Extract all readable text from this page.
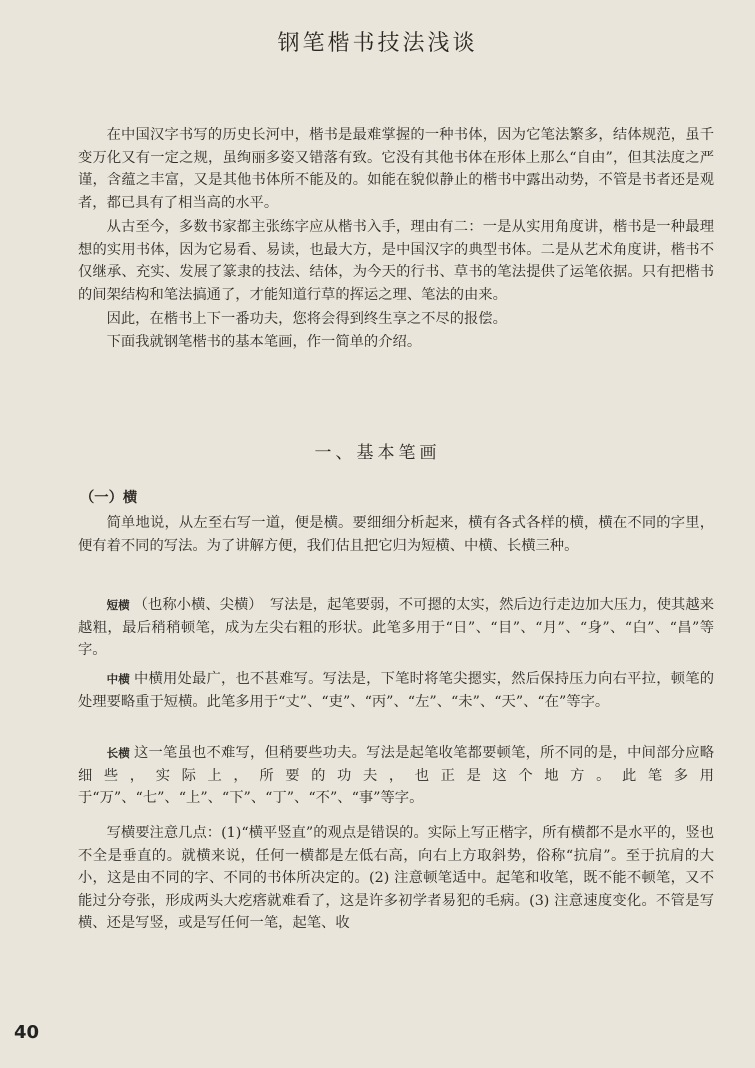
钢笔楷书技法浅谈

在中国汉字书写的历史长河中，楷书是最难掌握的一种书体，因为它笔法繁多，结体规范，虽千变万化又有一定之规，虽绚丽多姿又错落有致。它没有其他书体在形体上那么“自由”，但其法度之严谨，含蕴之丰富，又是其他书体所不能及的。如能在貌似静止的楷书中露出动势，不管是书者还是观者，都已具有了相当高的水平。

从古至今，多数书家都主张练字应从楷书入手，理由有二：一是从实用角度讲，楷书是一种最理想的实用书体，因为它易看、易读，也最大方，是中国汉字的典型书体。二是从艺术角度讲，楷书不仅继承、充实、发展了篆隶的技法、结体，为今天的行书、草书的笔法提供了运笔依据。只有把楷书的间架结构和笔法搞通了，才能知道行草的挥运之理、笔法的由来。

因此，在楷书上下一番功夫，您将会得到终生享之不尽的报偿。

下面我就钢笔楷书的基本笔画，作一简单的介绍。

一、基本笔画
（一）横

简单地说，从左至右写一道，便是横。要细细分析起来，横有各式各样的横，横在不同的字里，便有着不同的写法。为了讲解方便，我们估且把它归为短横、中横、长横三种。

短横 （也称小横、尖横）　写法是，起笔要弱，不可摁的太实，然后边行走边加大压力，使其越来越粗，最后稍稍顿笔，成为左尖右粗的形状。此笔多用于“日”、“目”、“月”、“身”、“白”、“昌”等字。

中横 中横用处最广，也不甚难写。写法是，下笔时将笔尖摁实，然后保持压力向右平拉，顿笔的处理要略重于短横。此笔多用于“丈”、“吏”、“丙”、“左”、“未”、“天”、“在”等字。

长横 这一笔虽也不难写，但稍要些功夫。写法是起笔收笔都要顿笔，所不同的是，中间部分应略细些，实际上，所要的功夫，也正是这个地方。此笔多用于“万”、“七”、“上”、“下”、“丁”、“不”、“事”等字。

写横要注意几点：(1)“横平竖直”的观点是错误的。实际上写正楷字，所有横都不是水平的，竖也不全是垂直的。就横来说，任何一横都是左低右高，向右上方取斜势，俗称“抗肩”。至于抗肩的大小，这是由不同的字、不同的书体所决定的。(2) 注意顿笔适中。起笔和收笔，既不能不顿笔，又不能过分夸张，形成两头大疙瘩就难看了，这是许多初学者易犯的毛病。(3) 注意速度变化。不管是写横、还是写竖，或是写任何一笔，起笔、收

40
